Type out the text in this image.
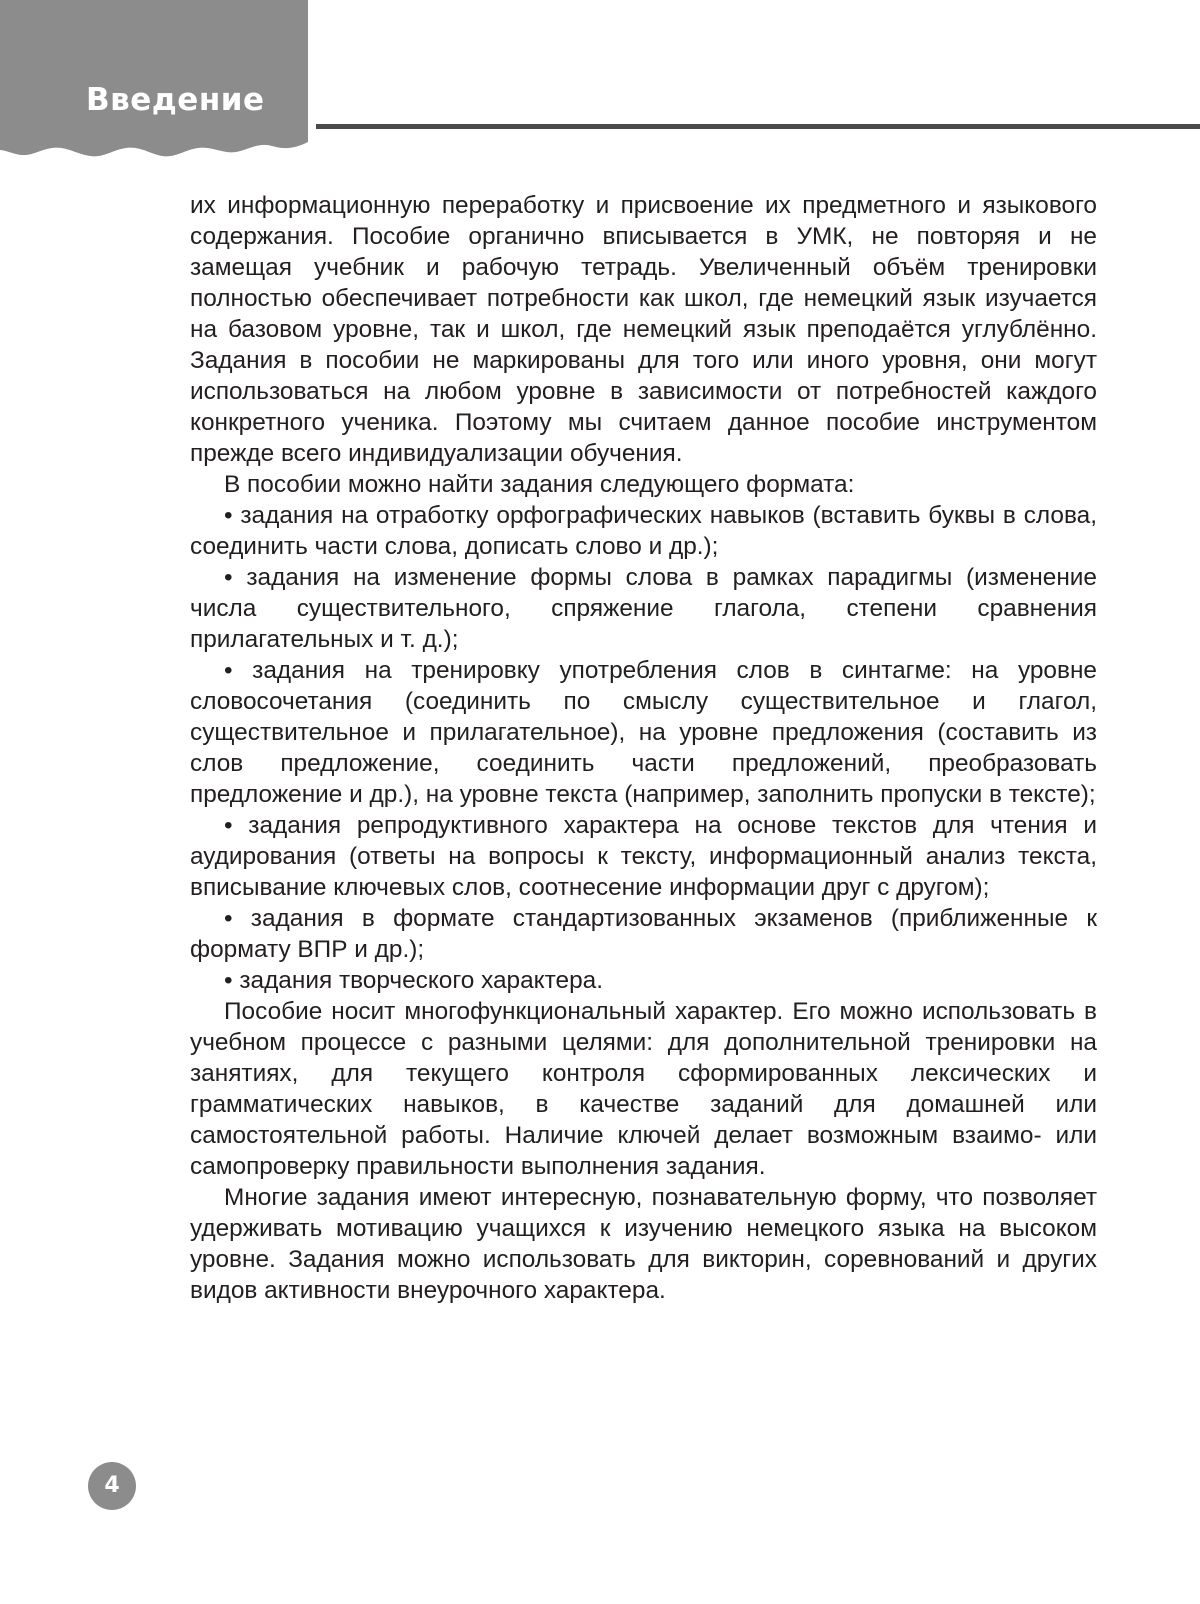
Введение

их информационную переработку и присвоение их предметного и языкового содержания. Пособие органично вписывается в УМК, не повторяя и не замещая учебник и рабочую тетрадь. Увеличенный объём тренировки полностью обеспечивает потребности как школ, где немецкий язык изучается на базовом уровне, так и школ, где немецкий язык преподаётся углублённо. Задания в пособии не маркированы для того или иного уровня, они могут использоваться на любом уровне в зависимости от потребностей каждого конкретного ученика. Поэтому мы считаем данное пособие инструментом прежде всего индивидуализации обучения.

В пособии можно найти задания следующего формата:

• задания на отработку орфографических навыков (вставить буквы в слова, соединить части слова, дописать слово и др.);

• задания на изменение формы слова в рамках парадигмы (изменение числа существительного, спряжение глагола, степени сравнения прилагательных и т. д.);

• задания на тренировку употребления слов в синтагме: на уровне словосочетания (соединить по смыслу существительное и глагол, существительное и прилагательное), на уровне предложения (составить из слов предложение, соединить части предложений, преобразовать предложение и др.), на уровне текста (например, заполнить пропуски в тексте);

• задания репродуктивного характера на основе текстов для чтения и аудирования (ответы на вопросы к тексту, информационный анализ текста, вписывание ключевых слов, соотнесение информации друг с другом);

• задания в формате стандартизованных экзаменов (приближенные к формату ВПР и др.);

• задания творческого характера.

Пособие носит многофункциональный характер. Его можно использовать в учебном процессе с разными целями: для дополнительной тренировки на занятиях, для текущего контроля сформированных лексических и грамматических навыков, в качестве заданий для домашней или самостоятельной работы. Наличие ключей делает возможным взаимо- или самопроверку правильности выполнения задания.

Многие задания имеют интересную, познавательную форму, что позволяет удерживать мотивацию учащихся к изучению немецкого языка на высоком уровне. Задания можно использовать для викторин, соревнований и других видов активности внеурочного характера.

4
